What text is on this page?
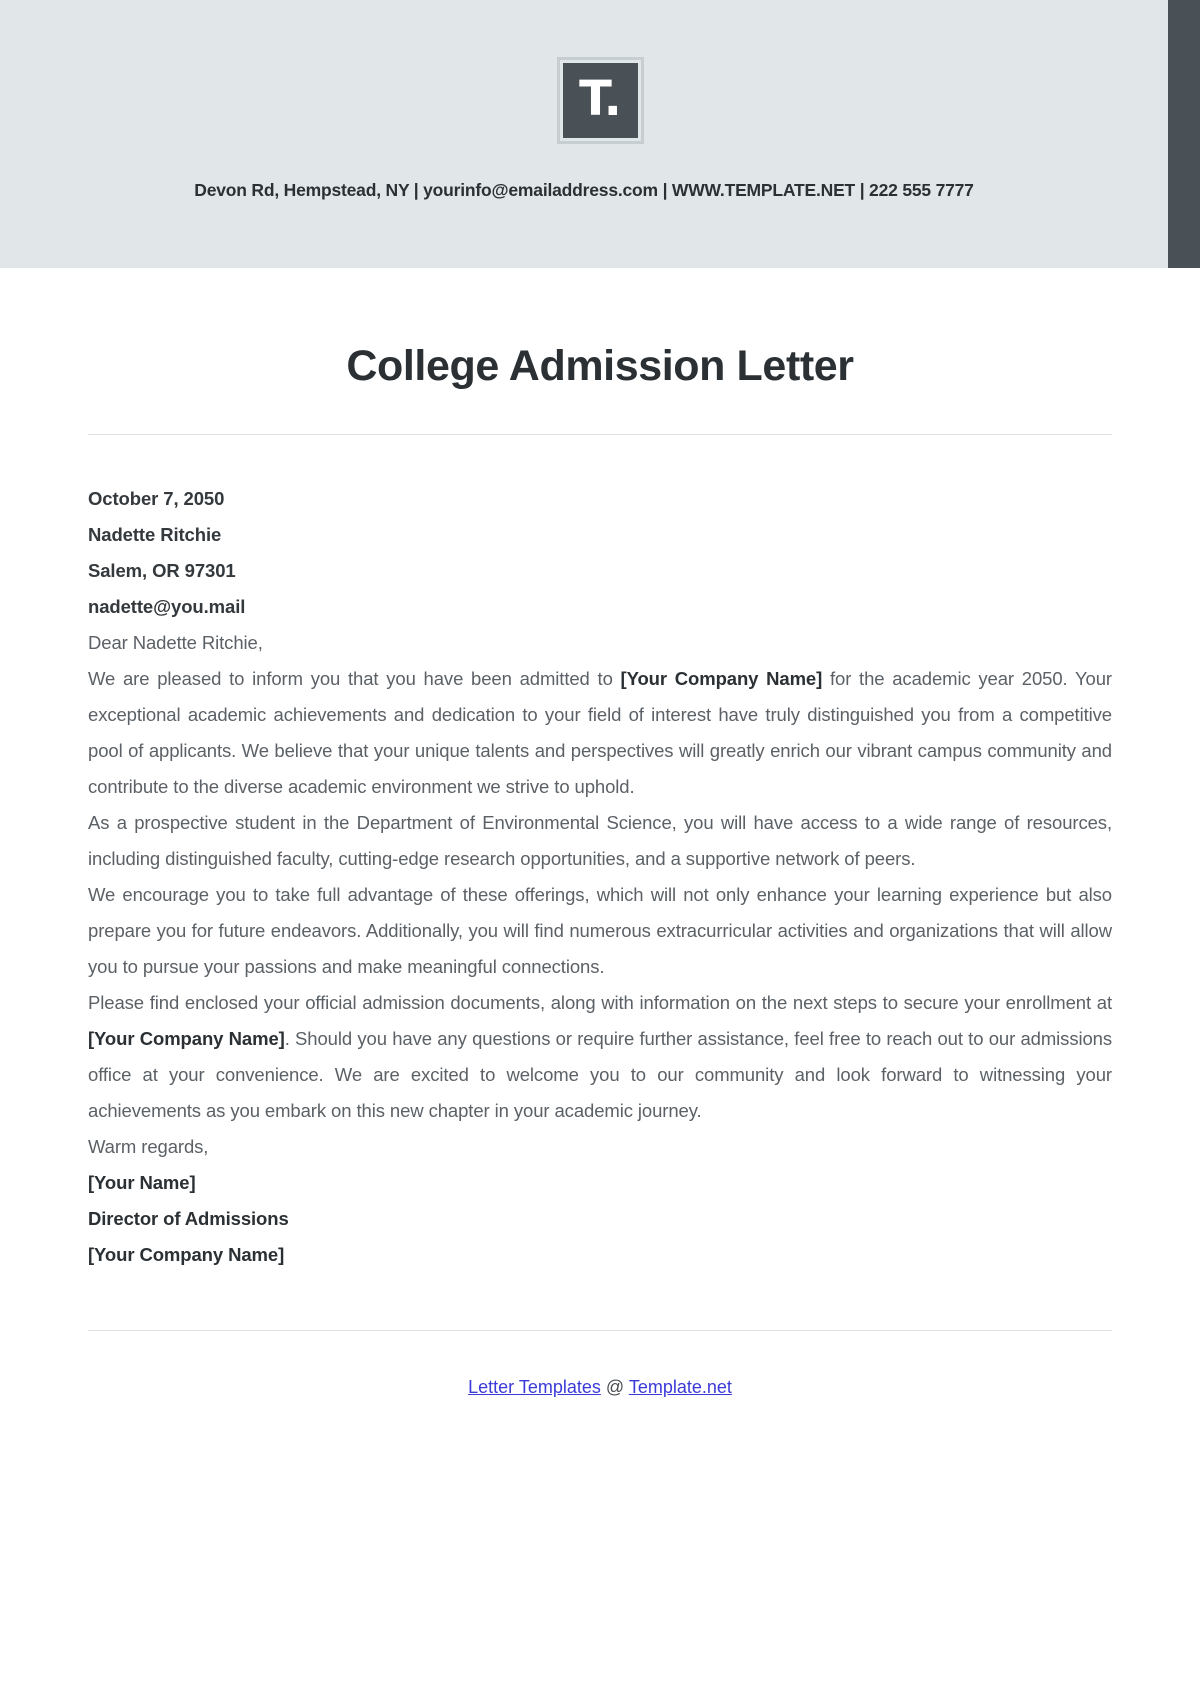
T.
Devon Rd, Hempstead, NY | yourinfo@emailaddress.com | WWW.TEMPLATE.NET | 222 555 7777
College Admission Letter
October 7, 2050
Nadette Ritchie
Salem, OR 97301
nadette@you.mail
Dear Nadette Ritchie,

We are pleased to inform you that you have been admitted to [Your Company Name] for the academic year 2050. Your exceptional academic achievements and dedication to your field of interest have truly distinguished you from a competitive pool of applicants. We believe that your unique talents and perspectives will greatly enrich our vibrant campus community and contribute to the diverse academic environment we strive to uphold.

As a prospective student in the Department of Environmental Science, you will have access to a wide range of resources, including distinguished faculty, cutting-edge research opportunities, and a supportive network of peers.

We encourage you to take full advantage of these offerings, which will not only enhance your learning experience but also prepare you for future endeavors. Additionally, you will find numerous extracurricular activities and organizations that will allow you to pursue your passions and make meaningful connections.

Please find enclosed your official admission documents, along with information on the next steps to secure your enrollment at [Your Company Name]. Should you have any questions or require further assistance, feel free to reach out to our admissions office at your convenience. We are excited to welcome you to our community and look forward to witnessing your achievements as you embark on this new chapter in your academic journey.

Warm regards,
[Your Name]
Director of Admissions
[Your Company Name]
Letter Templates @ Template.net
